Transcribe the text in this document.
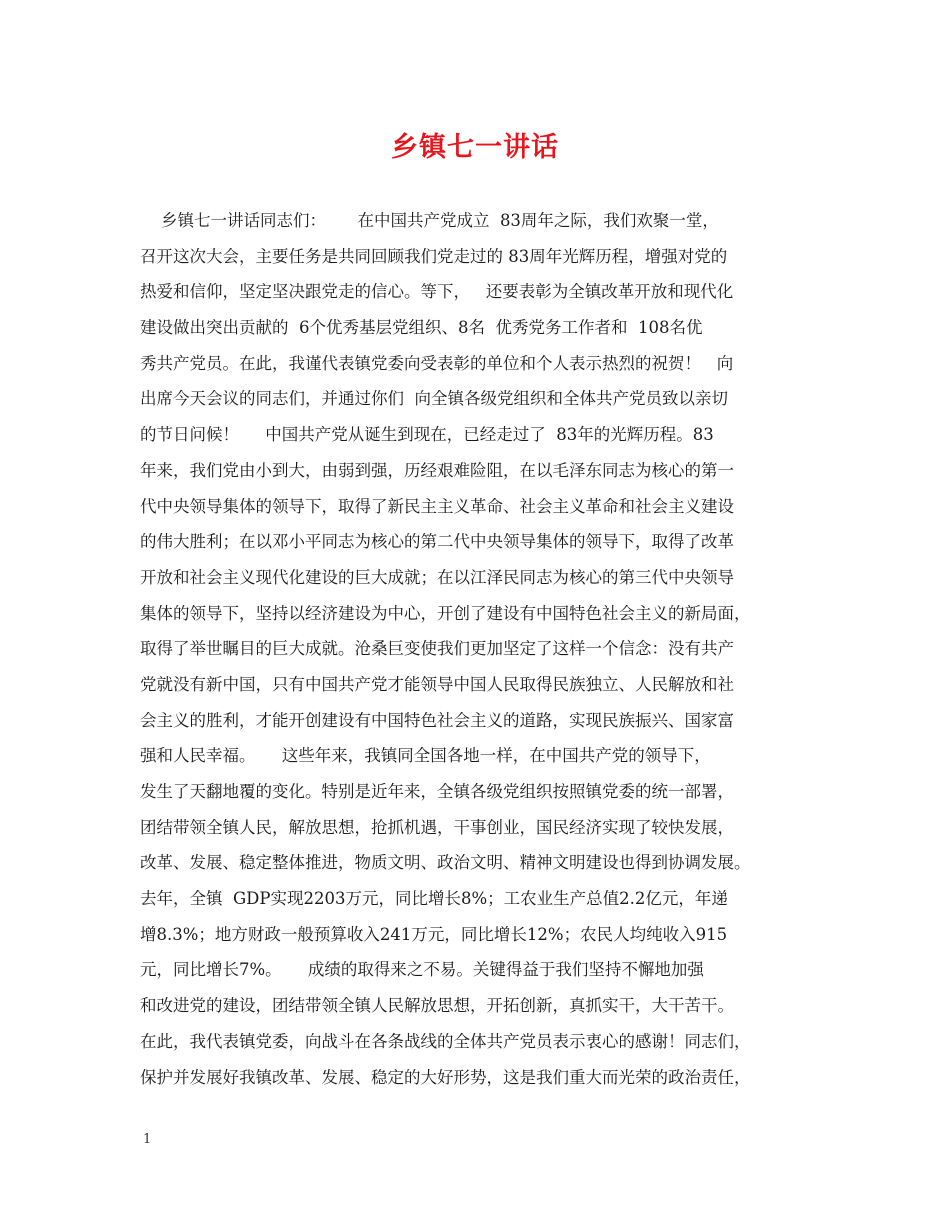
乡镇七一讲话
乡镇七一讲话同志们：      在中国共产党成立  83周年之际，我们欢聚一堂，
召开这次大会，主要任务是共同回顾我们党走过的 83周年光辉历程，增强对党的
热爱和信仰，坚定坚决跟党走的信心。等下，   还要表彰为全镇改革开放和现代化
建设做出突出贡献的  6个优秀基层党组织、8名  优秀党务工作者和  108名优
秀共产党员。在此，我谨代表镇党委向受表彰的单位和个人表示热烈的祝贺！   向
出席今天会议的同志们，并通过你们  向全镇各级党组织和全体共产党员致以亲切
的节日问候！     中国共产党从诞生到现在，已经走过了  83年的光辉历程。83
年来，我们党由小到大，由弱到强，历经艰难险阻，在以毛泽东同志为核心的第一
代中央领导集体的领导下，取得了新民主主义革命、社会主义革命和社会主义建设
的伟大胜利；在以邓小平同志为核心的第二代中央领导集体的领导下，取得了改革
开放和社会主义现代化建设的巨大成就；在以江泽民同志为核心的第三代中央领导
集体的领导下，坚持以经济建设为中心，开创了建设有中国特色社会主义的新局面，
取得了举世瞩目的巨大成就。沧桑巨变使我们更加坚定了这样一个信念：没有共产
党就没有新中国，只有中国共产党才能领导中国人民取得民族独立、人民解放和社
会主义的胜利，才能开创建设有中国特色社会主义的道路，实现民族振兴、国家富
强和人民幸福。     这些年来，我镇同全国各地一样，在中国共产党的领导下，
发生了天翻地覆的变化。特别是近年来，全镇各级党组织按照镇党委的统一部署，
团结带领全镇人民，解放思想，抢抓机遇，干事创业，国民经济实现了较快发展，
改革、发展、稳定整体推进，物质文明、政治文明、精神文明建设也得到协调发展。
去年，全镇  GDP实现2203万元，同比增长8%；工农业生产总值2.2亿元，年递
增8.3%；地方财政一般预算收入241万元，同比增长12%；农民人均纯收入915
元，同比增长7%。     成绩的取得来之不易。关键得益于我们坚持不懈地加强
和改进党的建设，团结带领全镇人民解放思想，开拓创新，真抓实干，大干苦干。
在此，我代表镇党委，向战斗在各条战线的全体共产党员表示衷心的感谢！同志们，
保护并发展好我镇改革、发展、稳定的大好形势，这是我们重大而光荣的政治责任，
1
